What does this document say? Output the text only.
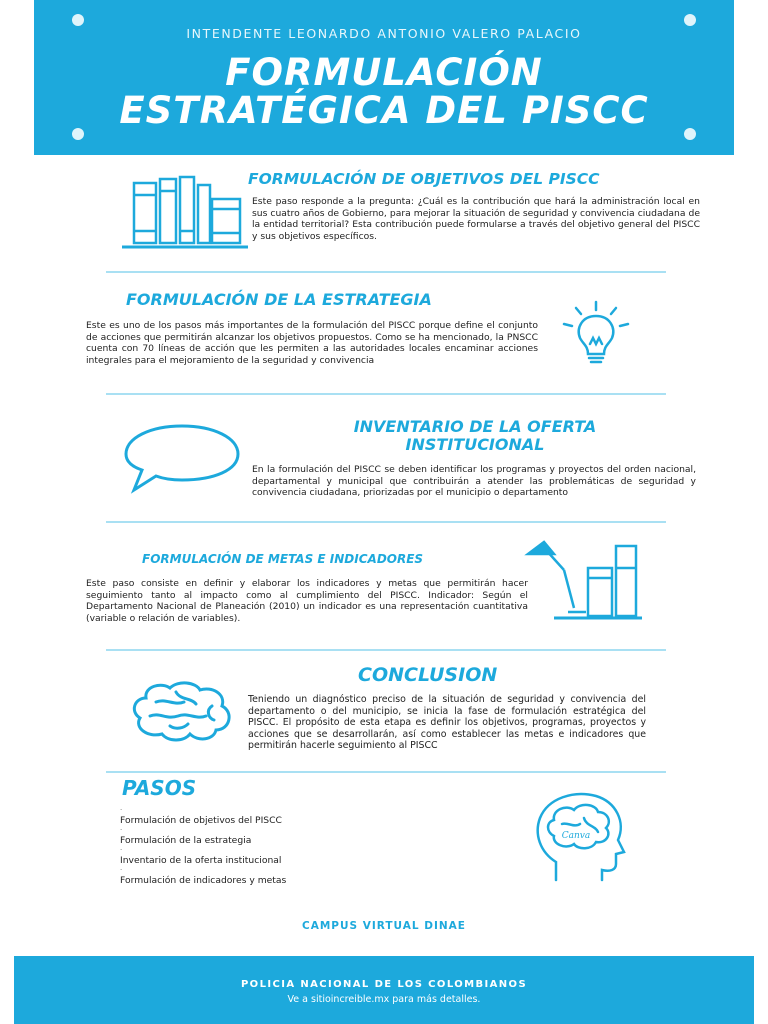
INTENDENTE LEONARDO ANTONIO VALERO PALACIO
FORMULACIÓN
ESTRATÉGICA DEL PISCC
FORMULACIÓN DE OBJETIVOS DEL PISCC
Este paso responde a la pregunta: ¿Cuál es la contribución que hará la administración local en sus cuatro años de Gobierno, para mejorar la situación de seguridad y convivencia ciudadana de la entidad territorial? Esta contribución puede formularse a través del objetivo general del PISCC y sus objetivos específicos.
FORMULACIÓN DE LA ESTRATEGIA
Este es uno de los pasos más importantes de la formulación del PISCC porque define el conjunto de acciones que permitirán alcanzar los objetivos propuestos. Como se ha mencionado, la PNSCC cuenta con 70 líneas de acción que les permiten a las autoridades locales encaminar acciones integrales para el mejoramiento de la seguridad y convivencia
INVENTARIO DE LA OFERTA
INSTITUCIONAL
En la formulación del PISCC se deben identificar los programas y proyectos del orden nacional, departamental y municipal que contribuirán a atender las problemáticas de seguridad y convivencia ciudadana, priorizadas por el municipio o departamento
FORMULACIÓN DE METAS E INDICADORES
Este paso consiste en definir y elaborar los indicadores y metas que permitirán hacer seguimiento tanto al impacto como al cumplimiento del PISCC. Indicador: Según el Departamento Nacional de Planeación (2010) un indicador es una representación cuantitativa (variable o relación de variables).
CONCLUSION
Teniendo un diagnóstico preciso de la situación de seguridad y convivencia del departamento o del municipio, se inicia la fase de formulación estratégica del PISCC. El propósito de esta etapa es definir los objetivos, programas, proyectos y acciones que se desarrollarán, así como establecer las metas e indicadores que permitirán hacerle seguimiento al PISCC
PASOS
·
Formulación de objetivos del PISCC
·
Formulación de la estrategia
·
Inventario de la oferta institucional
·
Formulación de indicadores y metas
Canva
CAMPUS VIRTUAL DINAE
POLICIA NACIONAL DE LOS COLOMBIANOS
Ve a sitioincreible.mx para más detalles.
